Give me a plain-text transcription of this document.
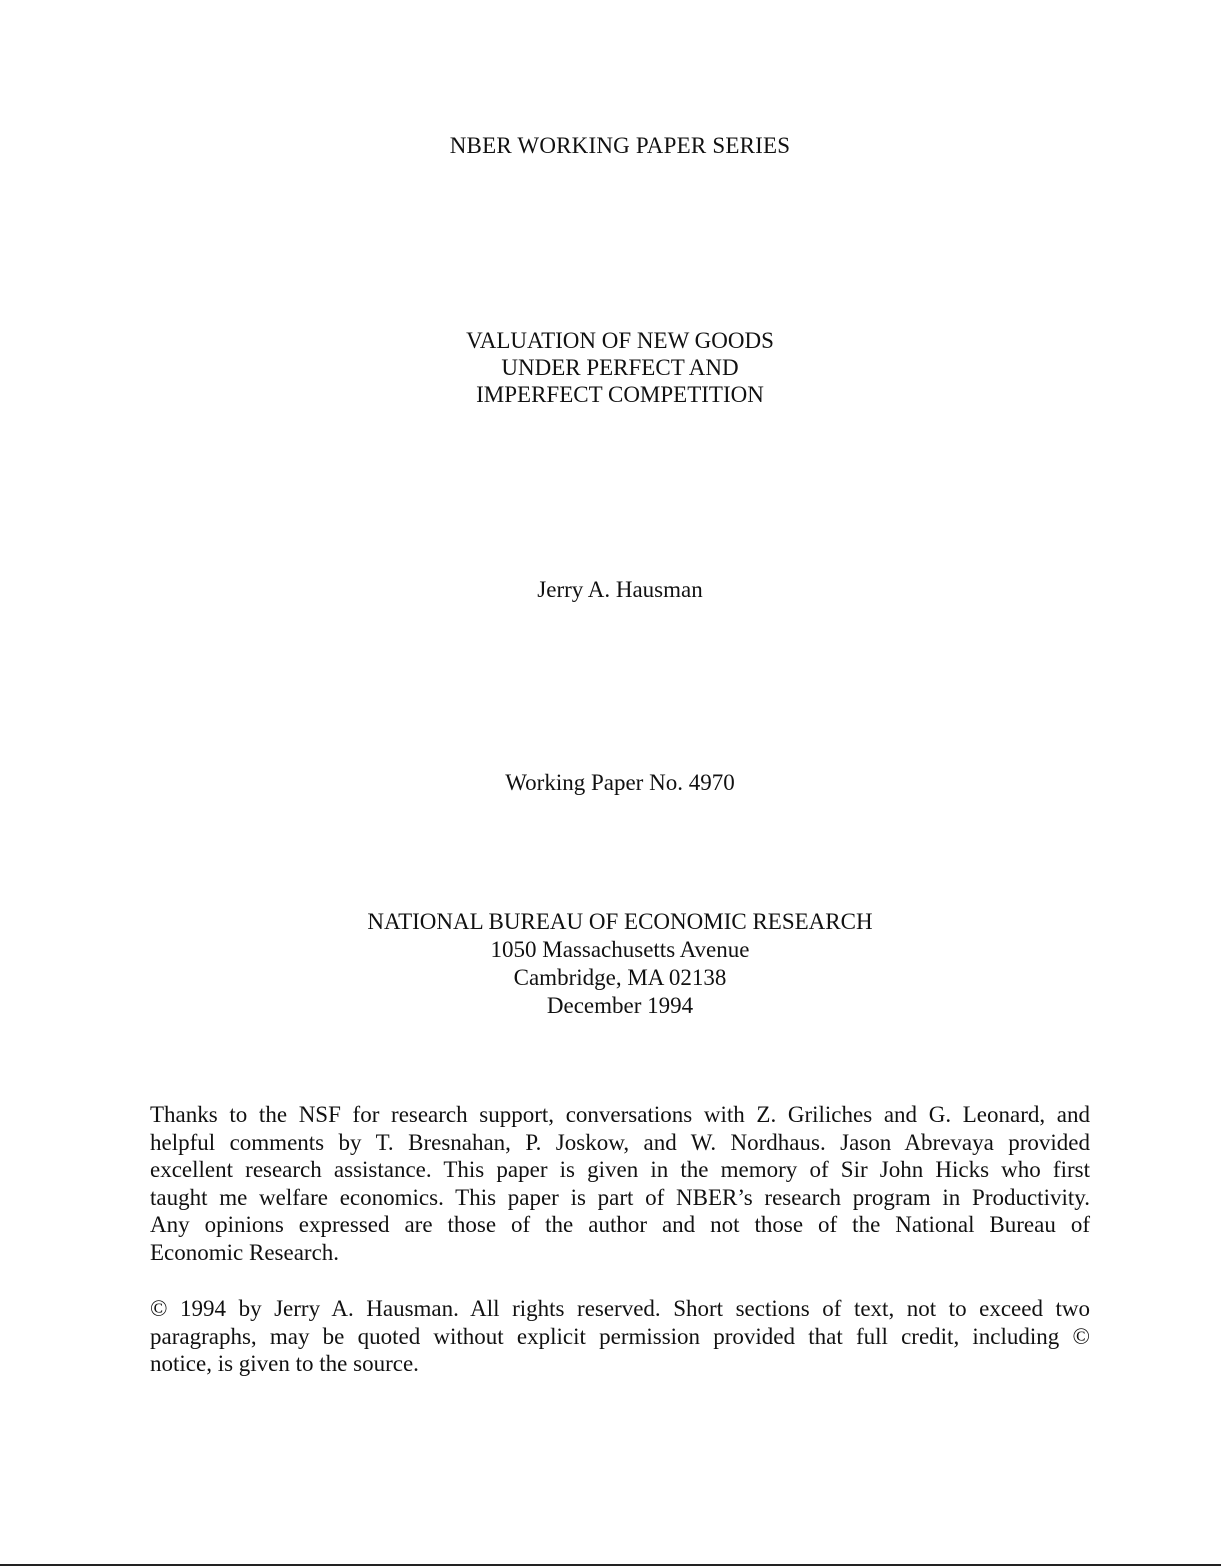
NBER WORKING PAPER SERIES
VALUATION OF NEW GOODS
UNDER PERFECT AND
IMPERFECT COMPETITION
Jerry A. Hausman
Working Paper No. 4970
NATIONAL BUREAU OF ECONOMIC RESEARCH
1050 Massachusetts Avenue
Cambridge, MA 02138
December 1994
Thanks to the NSF for research support, conversations with Z. Griliches and G. Leonard, and
helpful comments by T. Bresnahan, P. Joskow, and W. Nordhaus. Jason Abrevaya provided
excellent research assistance. This paper is given in the memory of Sir John Hicks who first
taught me welfare economics. This paper is part of NBER’s research program in Productivity.
Any opinions expressed are those of the author and not those of the National Bureau of
Economic Research.
© 1994 by Jerry A. Hausman. All rights reserved. Short sections of text, not to exceed two
paragraphs, may be quoted without explicit permission provided that full credit, including ©
notice, is given to the source.
